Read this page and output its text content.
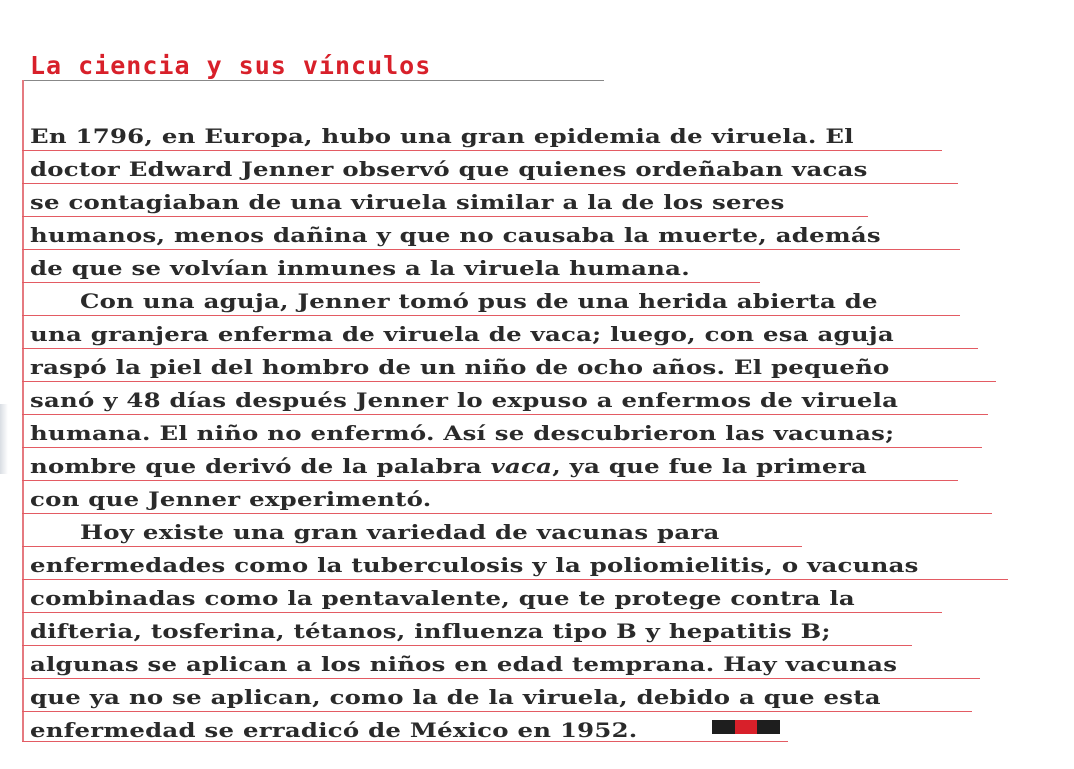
La ciencia y sus vínculos
En 1796, en Europa, hubo una gran epidemia de viruela. El
doctor Edward Jenner observó que quienes ordeñaban vacas
se contagiaban de una viruela similar a la de los seres
humanos, menos dañina y que no causaba la muerte, además
de que se volvían inmunes a la viruela humana.
Con una aguja, Jenner tomó pus de una herida abierta de
una granjera enferma de viruela de vaca; luego, con esa aguja
raspó la piel del hombro de un niño de ocho años. El pequeño
sanó y 48 días después Jenner lo expuso a enfermos de viruela
humana. El niño no enfermó. Así se descubrieron las vacunas;
nombre que derivó de la palabra vaca, ya que fue la primera
con que Jenner experimentó.
Hoy existe una gran variedad de vacunas para
enfermedades como la tuberculosis y la poliomielitis, o vacunas
combinadas como la pentavalente, que te protege contra la
difteria, tosferina, tétanos, influenza tipo B y hepatitis B;
algunas se aplican a los niños en edad temprana. Hay vacunas
que ya no se aplican, como la de la viruela, debido a que esta
enfermedad se erradicó de México en 1952.
